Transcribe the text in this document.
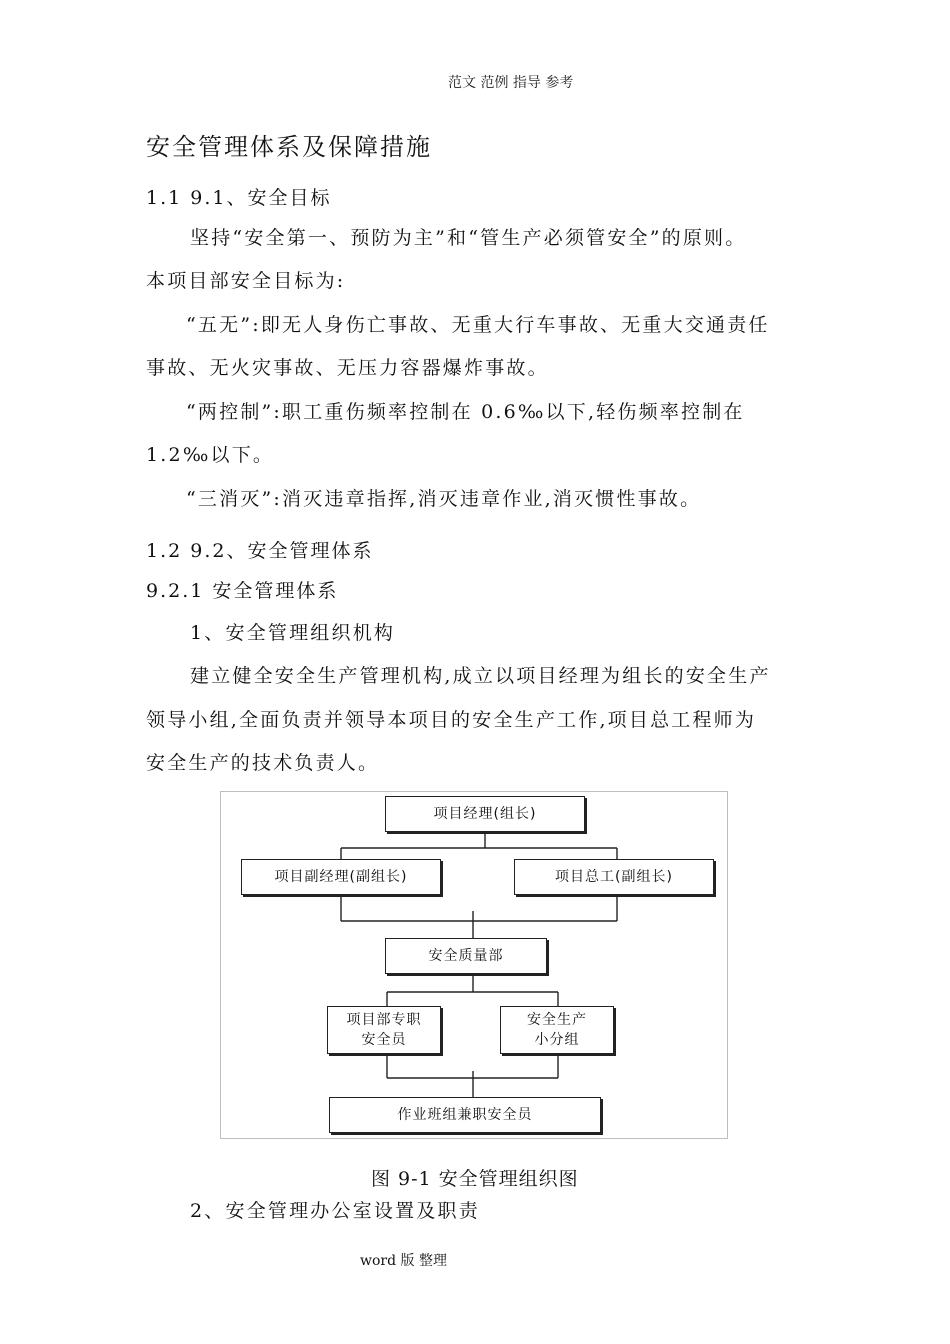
范文 范例 指导 参考
安全管理体系及保障措施
1.1 9.1、安全目标
坚持“安全第一、预防为主”和“管生产必须管安全”的原则。
本项目部安全目标为:
“五无”:即无人身伤亡事故、无重大行车事故、无重大交通责任
事故、无火灾事故、无压力容器爆炸事故。
“两控制”:职工重伤频率控制在 0.6‰以下,轻伤频率控制在
1.2‰以下。
“三消灭”:消灭违章指挥,消灭违章作业,消灭惯性事故。
1.2 9.2、安全管理体系
9.2.1 安全管理体系
1、安全管理组织机构
建立健全安全生产管理机构,成立以项目经理为组长的安全生产
领导小组,全面负责并领导本项目的安全生产工作,项目总工程师为
安全生产的技术负责人。
项目经理(组长)
项目副经理(副组长)	项目总工(副组长)
安全质量部
项目部专职
安全员
安全生产
小分组
作业班组兼职安全员
图 9-1 安全管理组织图
2、安全管理办公室设置及职责
word 版 整理
